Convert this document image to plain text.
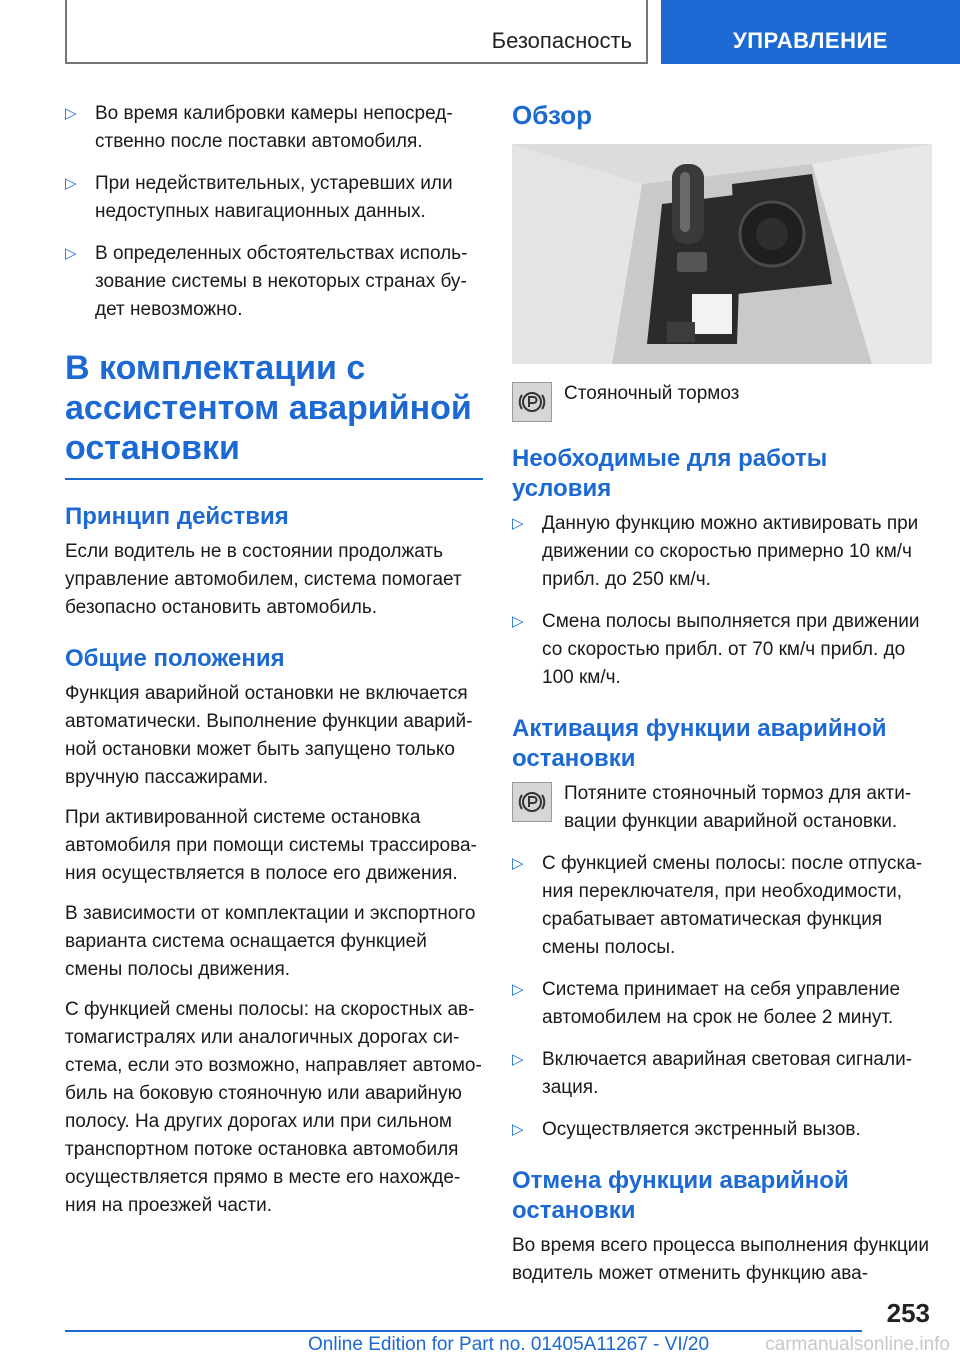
Безопасность	УПРАВЛЕНИЕ
▷ Во время калибровки камеры непосредственно после поставки автомобиля.
▷ При недействительных, устаревших или недоступных навигационных данных.
▷ В определенных обстоятельствах использование системы в некоторых странах будет невозможно.
В комплектации с ассистентом аварийной остановки
Принцип действия

Если водитель не в состоянии продолжать управление автомобилем, система помогает безопасно остановить автомобиль.

Общие положения

Функция аварийной остановки не включается автоматически. Выполнение функции аварийной остановки может быть запущено только вручную пассажирами.

При активированной системе остановка автомобиля при помощи системы трассирования осуществляется в полосе его движения.

В зависимости от комплектации и экспортного варианта система оснащается функцией смены полосы движения.

С функцией смены полосы: на скоростных автомагистралях или аналогичных дорогах система, если это возможно, направляет автомобиль на боковую стояночную или аварийную полосу. На других дорогах или при сильном транспортном потоке остановка автомобиля осуществляется прямо в месте его нахождения на проезжей части.

Обзор
Стояночный тормоз
Необходимые для работы условия
▷ Данную функцию можно активировать при движении со скоростью примерно 10 км/ч прибл. до 250 км/ч.
▷ Смена полосы выполняется при движении со скоростью прибл. от 70 км/ч прибл. до 100 км/ч.
Активация функции аварийной остановки
Потяните стояночный тормоз для активации функции аварийной остановки.
▷ С функцией смены полосы: после отпускания переключателя, при необходимости, срабатывает автоматическая функция смены полосы.
▷ Система принимает на себя управление автомобилем на срок не более 2 минут.
▷ Включается аварийная световая сигнализация.
▷ Осуществляется экстренный вызов.
Отмена функции аварийной остановки

Во время всего процесса выполнения функции водитель может отменить функцию ава-

253
Online Edition for Part no. 01405A11267 - VI/20	carmanualsonline.info
